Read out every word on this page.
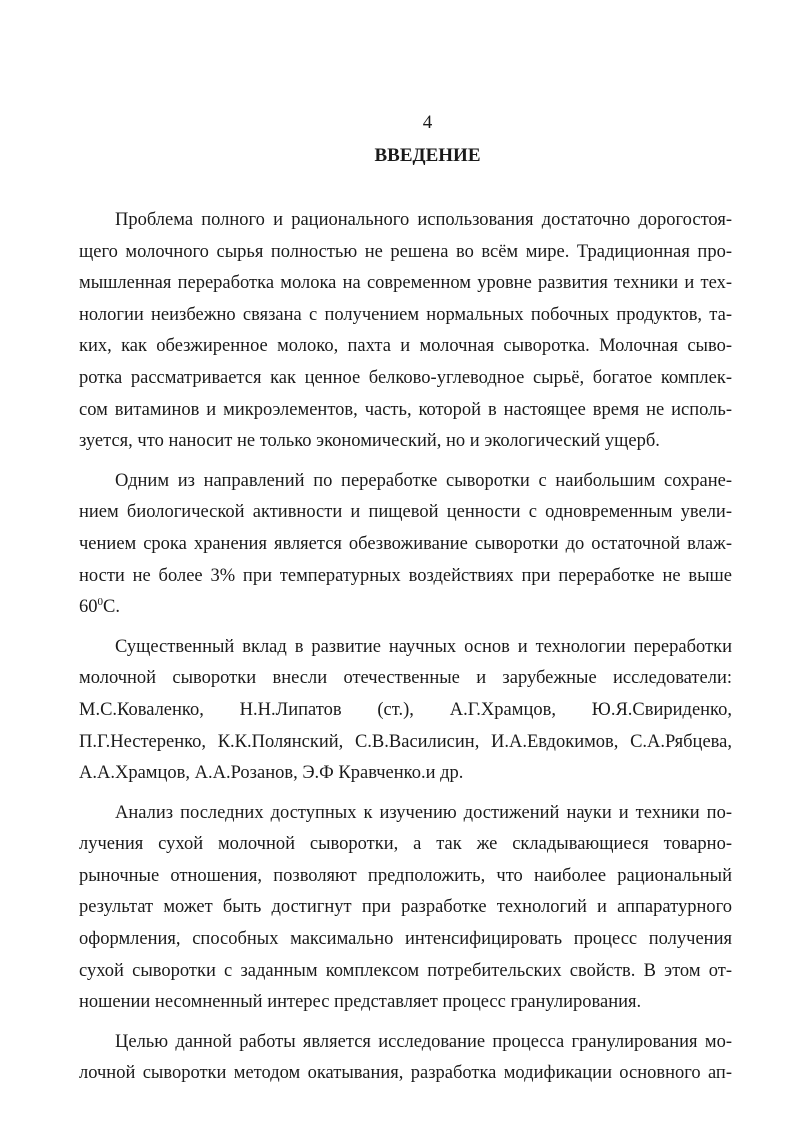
4
ВВЕДЕНИЕ

Проблема полного и рационального использования достаточно дорогостоя-
щего молочного сырья полностью не решена во всём мире. Традиционная про-
мышленная переработка молока на современном уровне развития техники и тех-
нологии неизбежно связана с получением нормальных побочных продуктов, та-
ких, как обезжиренное молоко, пахта и молочная сыворотка. Молочная сыво-
ротка рассматривается как ценное белково-углеводное сырьё, богатое комплек-
сом витаминов и микроэлементов, часть, которой в настоящее время не исполь-
зуется, что наносит не только экономический, но и экологический ущерб.

Одним из направлений по переработке сыворотки с наибольшим сохране-
нием биологической активности и пищевой ценности с одновременным увели-
чением срока хранения является обезвоживание сыворотки до остаточной влаж-
ности не более 3% при температурных воздействиях при переработке не выше
$60^0С$.

Существенный вклад в развитие научных основ и технологии переработки
молочной сыворотки внесли отечественные и зарубежные исследователи:
М.С.Коваленко, Н.Н.Липатов (ст.), А.Г.Храмцов, Ю.Я.Свириденко,
П.Г.Нестеренко, К.К.Полянский, С.В.Василисин, И.А.Евдокимов, С.А.Рябцева,
А.А.Храмцов, А.А.Розанов, Э.Ф Кравченко.и др.

Анализ последних доступных к изучению достижений науки и техники по-
лучения сухой молочной сыворотки, а так же складывающиеся товарно-
рыночные отношения, позволяют предположить, что наиболее рациональный
результат может быть достигнут при разработке технологий и аппаратурного
оформления, способных максимально интенсифицировать процесс получения
сухой сыворотки с заданным комплексом потребительских свойств. В этом от-
ношении несомненный интерес представляет процесс гранулирования.

Целью данной работы является исследование процесса гранулирования мо-
лочной сыворотки методом окатывания, разработка модификации основного ап-
